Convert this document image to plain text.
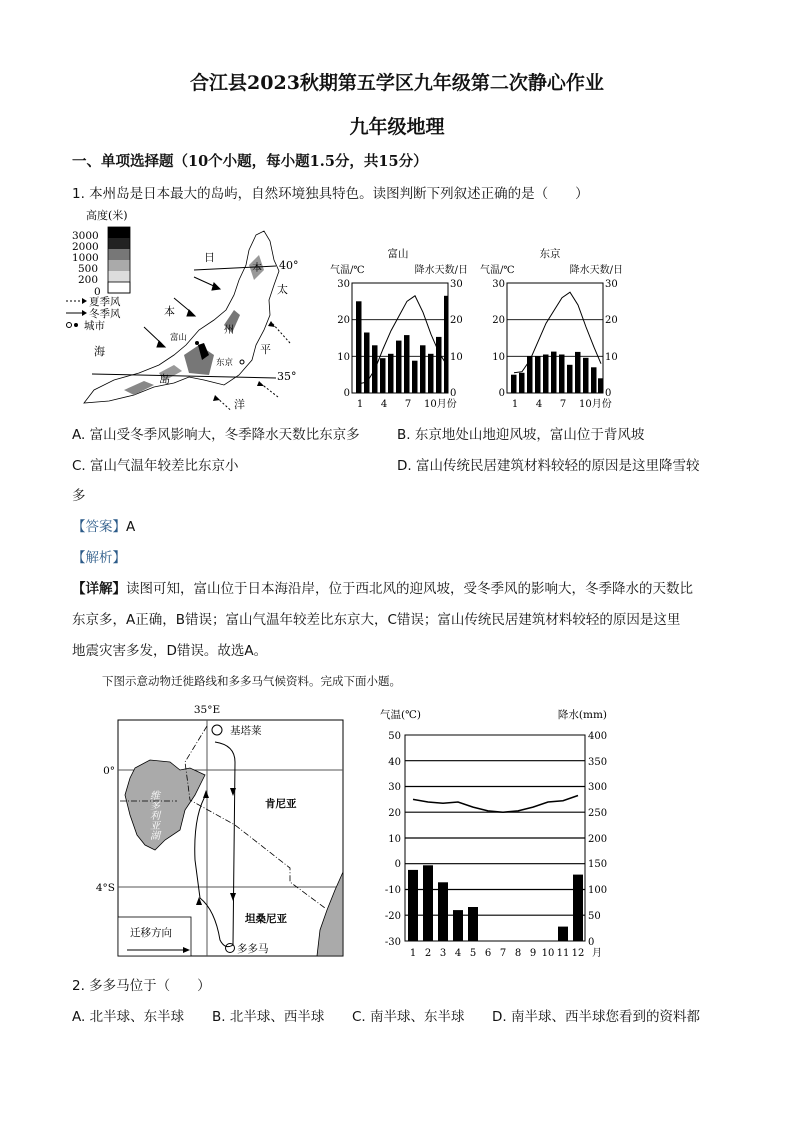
合江县2023秋期第五学区九年级第二次静心作业
九年级地理
一、单项选择题（10个小题，每小题1.5分，共15分）
1. 本州岛是日本最大的岛屿，自然环境独具特色。读图判断下列叙述正确的是（　　）
高度(米)
3000
2000
1000
500
200
0
夏季风
冬季风
城市
40°
35°
日
本
海
岛
太
平
洋
本
州
富山
东京
富山
气温/℃	降水天数/日
30
20
10
0
30
20
10
0
1 4 7 10月份
东京
气温/℃	降水天数/日
30
20
10
0
30
20
10
0
1 4 7 10月份
A. 富山受冬季风影响大，冬季降水天数比东京多	B. 东京地处山地迎风坡，富山位于背风坡
C. 富山气温年较差比东京小	D. 富山传统民居建筑材料较轻的原因是这里降雪较
多
【答案】A
【解析】
【详解】读图可知，富山位于日本海沿岸，位于西北风的迎风坡，受冬季风的影响大，冬季降水的天数比
东京多，A正确，B错误；富山气温年较差比东京大，C错误；富山传统民居建筑材料较轻的原因是这里
地震灾害多发，D错误。故选A。
下图示意动物迁徙路线和多多马气候资料。完成下面小题。
35°E
0°
4°S
维多利亚湖
基塔莱
多多马
肯尼亚
坦桑尼亚
迁移方向
气温(℃)	降水(mm)
50
40
30
20
10
0
-10
-20
-30
400
350
300
250
200
150
100
50
0
1 2 3 4 5 6 7 8 9 10 11 12 月
2. 多多马位于（　　）
A. 北半球、东半球 B. 北半球、西半球 C. 南半球、东半球 D. 南半球、西半球您看到的资料都
